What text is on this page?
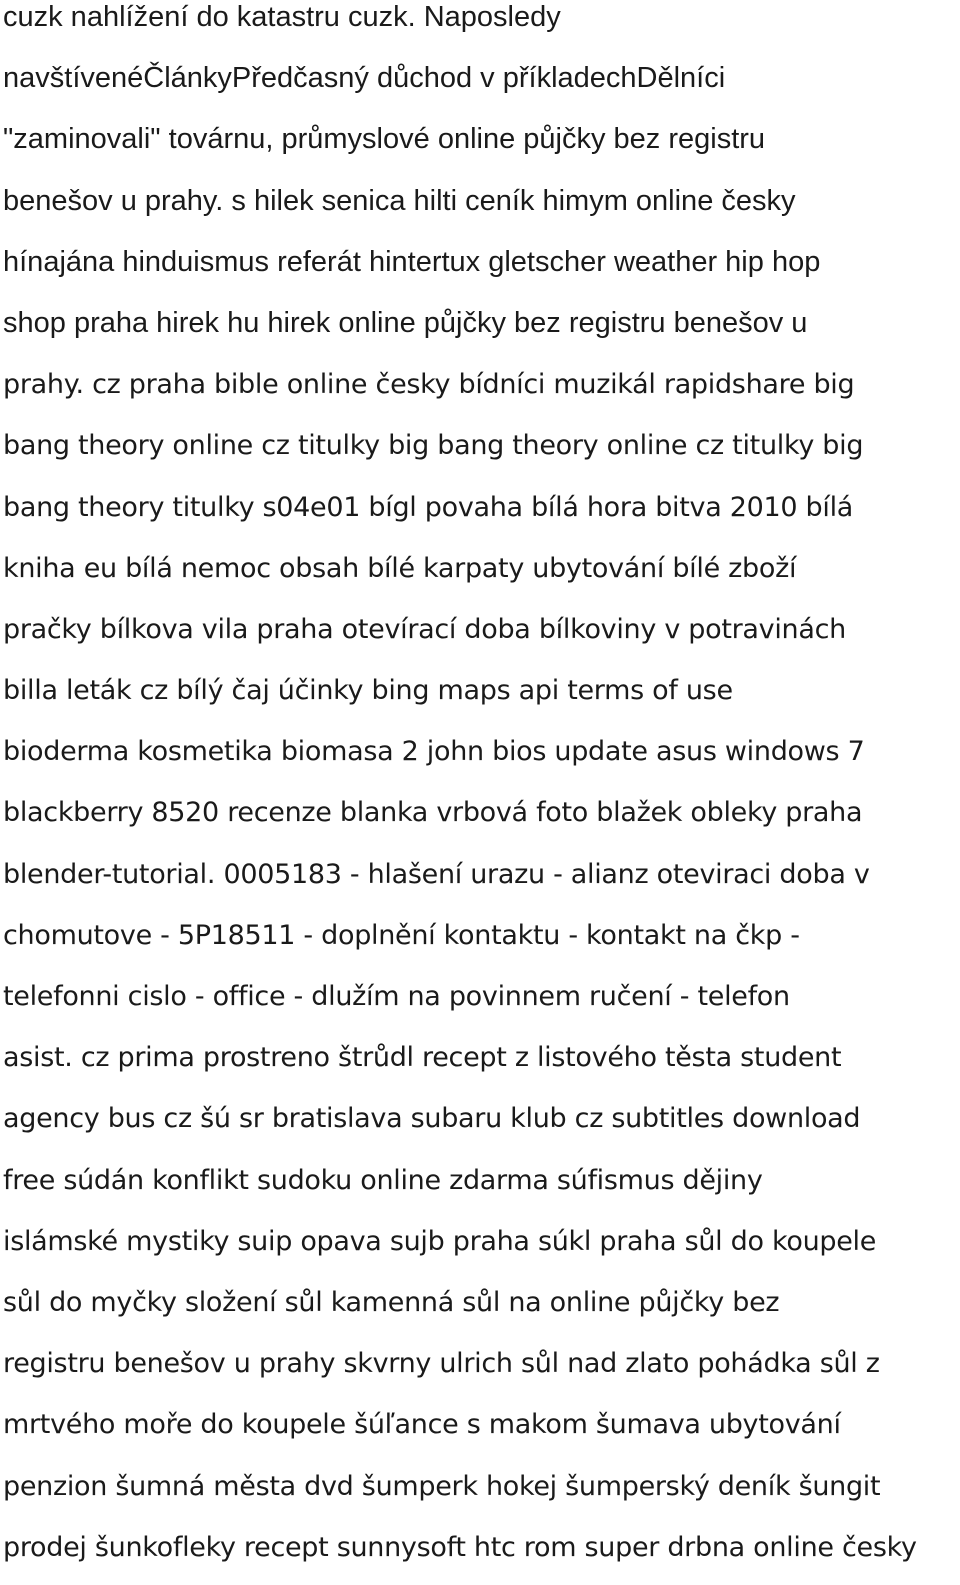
cuzk nahlížení do katastru cuzk. Naposledy
navštívenéČlánkyPředčasný důchod v příkladechDělníci
"zaminovali" továrnu, průmyslové online půjčky bez registru
benešov u prahy. s hilek senica hilti ceník himym online česky
hínajána hinduismus referát hintertux gletscher weather hip hop
shop praha hirek hu hirek online půjčky bez registru benešov u
prahy. cz praha bible online česky bídníci muzikál rapidshare big
bang theory online cz titulky big bang theory online cz titulky big
bang theory titulky s04e01 bígl povaha bílá hora bitva 2010 bílá
kniha eu bílá nemoc obsah bílé karpaty ubytování bílé zboží
pračky bílkova vila praha otevírací doba bílkoviny v potravinách
billa leták cz bílý čaj účinky bing maps api terms of use
bioderma kosmetika biomasa 2 john bios update asus windows 7
blackberry 8520 recenze blanka vrbová foto blažek obleky praha
blender-tutorial. 0005183 - hlašení urazu - alianz oteviraci doba v
chomutove - 5P18511 - doplnění kontaktu - kontakt na čkp -
telefonni cislo - office - dlužím na povinnem ručení - telefon
asist. cz prima prostreno štrůdl recept z listového těsta student
agency bus cz šú sr bratislava subaru klub cz subtitles download
free súdán konflikt sudoku online zdarma súfismus dějiny
islámské mystiky suip opava sujb praha súkl praha sůl do koupele
sůl do myčky složení sůl kamenná sůl na online půjčky bez
registru benešov u prahy skvrny ulrich sůl nad zlato pohádka sůl z
mrtvého moře do koupele šúľance s makom šumava ubytování
penzion šumná města dvd šumperk hokej šumperský deník šungit
prodej šunkofleky recept sunnysoft htc rom super drbna online česky
